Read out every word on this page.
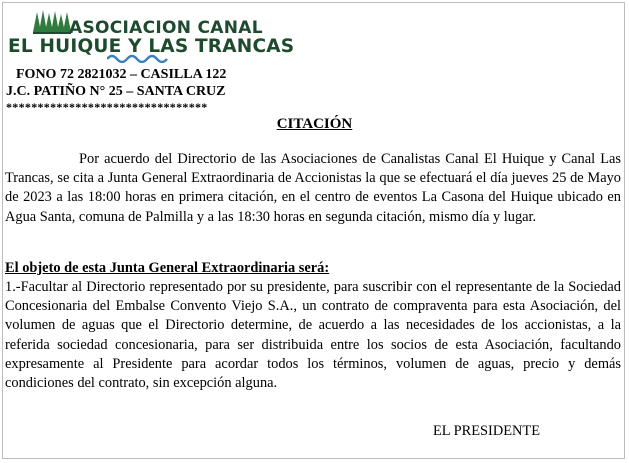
ASOCIACION CANAL
EL HUIQUE Y LAS TRANCAS
FONO 72 2821032 – CASILLA 122
J.C. PATIÑO N° 25 – SANTA CRUZ
********************************
CITACIÓN

Por acuerdo del Directorio de las Asociaciones de Canalistas Canal El Huique y Canal Las Trancas, se cita a Junta General Extraordinaria de Accionistas la que se efectuará el día jueves 25 de Mayo de 2023 a las 18:00 horas en primera citación, en el centro de eventos La Casona del Huique ubicado en Agua Santa, comuna de Palmilla y a las 18:30 horas en segunda citación, mismo día y lugar.

El objeto de esta Junta General Extraordinaria será:

1.-Facultar al Directorio representado por su presidente, para suscribir con el representante de la Sociedad Concesionaria del Embalse Convento Viejo S.A., un contrato de compraventa para esta Asociación, del volumen de aguas que el Directorio determine, de acuerdo a las necesidades de los accionistas, a la referida sociedad concesionaria, para ser distribuida entre los socios de esta Asociación, facultando expresamente al Presidente para acordar todos los términos, volumen de aguas, precio y demás condiciones del contrato, sin excepción alguna.

EL PRESIDENTE
